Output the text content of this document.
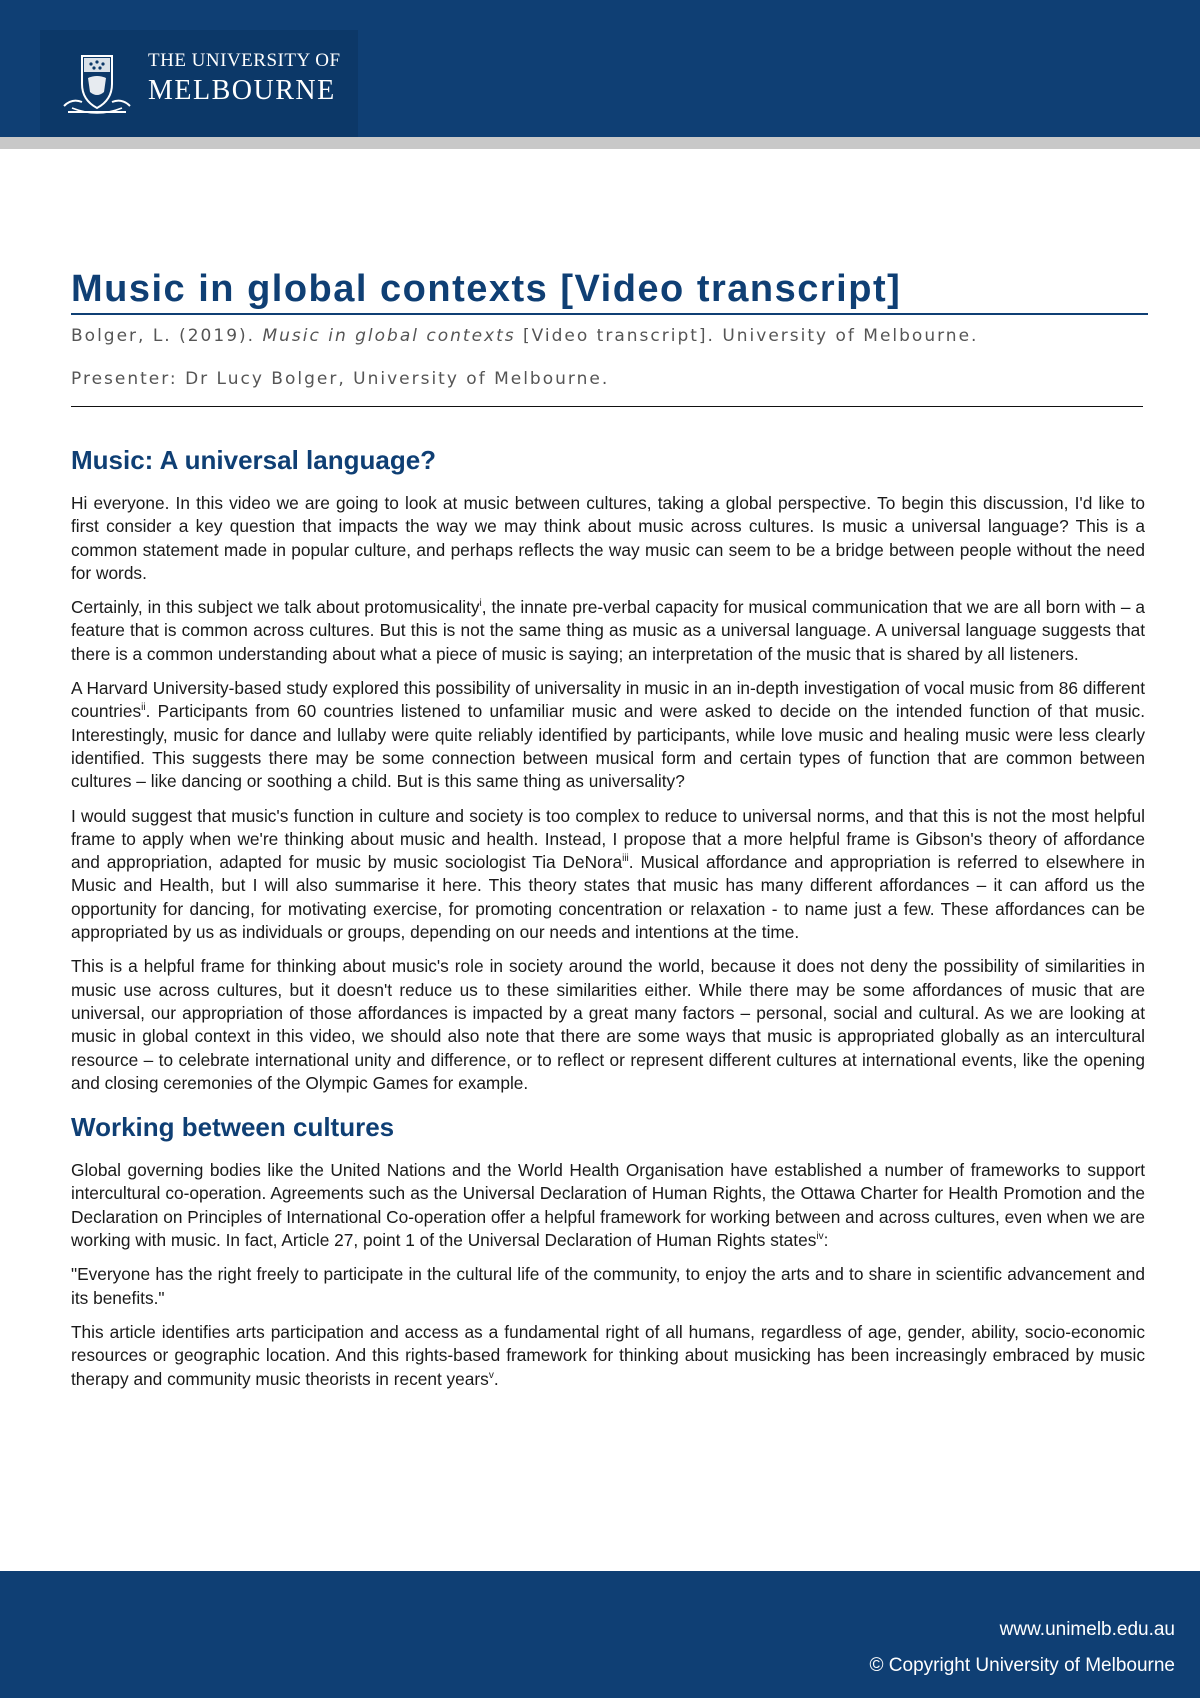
THE UNIVERSITY OF
MELBOURNE
Music in global contexts [Video transcript]
Bolger, L. (2019). Music in global contexts [Video transcript]. University of Melbourne.
Presenter: Dr Lucy Bolger, University of Melbourne.
Music: A universal language?

Hi everyone. In this video we are going to look at music between cultures, taking a global perspective. To begin this discussion, I'd like to first consider a key question that impacts the way we may think about music across cultures. Is music a universal language? This is a common statement made in popular culture, and perhaps reflects the way music can seem to be a bridge between people without the need for words.

Certainly, in this subject we talk about protomusicality$^i$, the innate pre-verbal capacity for musical communication that we are all born with – a feature that is common across cultures. But this is not the same thing as music as a universal language. A universal language suggests that there is a common understanding about what a piece of music is saying; an interpretation of the music that is shared by all listeners.

A Harvard University-based study explored this possibility of universality in music in an in-depth investigation of vocal music from 86 different countries$^{ii}$. Participants from 60 countries listened to unfamiliar music and were asked to decide on the intended function of that music. Interestingly, music for dance and lullaby were quite reliably identified by participants, while love music and healing music were less clearly identified. This suggests there may be some connection between musical form and certain types of function that are common between cultures – like dancing or soothing a child. But is this same thing as universality?

I would suggest that music's function in culture and society is too complex to reduce to universal norms, and that this is not the most helpful frame to apply when we're thinking about music and health. Instead, I propose that a more helpful frame is Gibson's theory of affordance and appropriation, adapted for music by music sociologist Tia DeNora$^{iii}$. Musical affordance and appropriation is referred to elsewhere in Music and Health, but I will also summarise it here. This theory states that music has many different affordances – it can afford us the opportunity for dancing, for motivating exercise, for promoting concentration or relaxation - to name just a few. These affordances can be appropriated by us as individuals or groups, depending on our needs and intentions at the time.

This is a helpful frame for thinking about music's role in society around the world, because it does not deny the possibility of similarities in music use across cultures, but it doesn't reduce us to these similarities either. While there may be some affordances of music that are universal, our appropriation of those affordances is impacted by a great many factors – personal, social and cultural. As we are looking at music in global context in this video, we should also note that there are some ways that music is appropriated globally as an intercultural resource – to celebrate international unity and difference, or to reflect or represent different cultures at international events, like the opening and closing ceremonies of the Olympic Games for example.

Working between cultures

Global governing bodies like the United Nations and the World Health Organisation have established a number of frameworks to support intercultural co-operation. Agreements such as the Universal Declaration of Human Rights, the Ottawa Charter for Health Promotion and the Declaration on Principles of International Co-operation offer a helpful framework for working between and across cultures, even when we are working with music. In fact, Article 27, point 1 of the Universal Declaration of Human Rights states$^{iv}$:

"Everyone has the right freely to participate in the cultural life of the community, to enjoy the arts and to share in scientific advancement and its benefits."

This article identifies arts participation and access as a fundamental right of all humans, regardless of age, gender, ability, socio-economic resources or geographic location. And this rights-based framework for thinking about musicking has been increasingly embraced by music therapy and community music theorists in recent years$^v$.

www.unimelb.edu.au
© Copyright University of Melbourne
